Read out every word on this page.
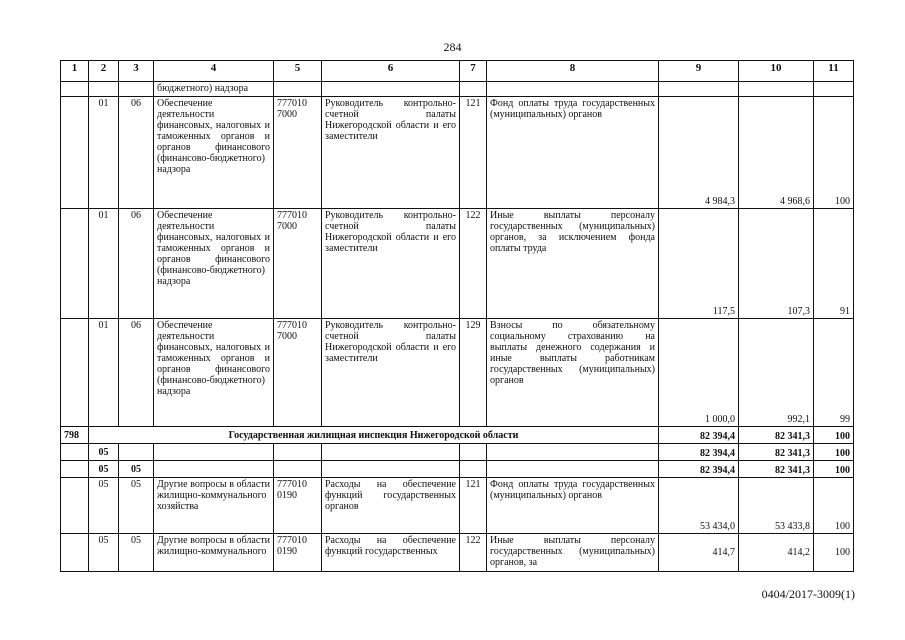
284
1	2	3	4	5	6	7	8	9	10	11
			бюджетного) надзора							
	01	06	Обеспечение деятельности финансовых, налоговых и таможенных органов и органов финансового (финансово-бюджетного) надзора	777010 7000	Руководитель контрольно-счетной палаты Нижегородской области и его заместители	121	Фонд оплаты труда государственных (муниципальных) органов	4 984,3	4 968,6	100
	01	06	Обеспечение деятельности финансовых, налоговых и таможенных органов и органов финансового (финансово-бюджетного) надзора	777010 7000	Руководитель контрольно-счетной палаты Нижегородской области и его заместители	122	Иные выплаты персоналу государственных (муниципальных) органов, за исключением фонда оплаты труда	117,5	107,3	91
	01	06	Обеспечение деятельности финансовых, налоговых и таможенных органов и органов финансового (финансово-бюджетного) надзора	777010 7000	Руководитель контрольно-счетной палаты Нижегородской области и его заместители	129	Взносы по обязательному социальному страхованию на выплаты денежного содержания и иные выплаты работникам государственных (муниципальных) органов	1 000,0	992,1	99
798	Государственная жилищная инспекция Нижегородской области							82 394,4	82 341,3	100
	05							82 394,4	82 341,3	100
	05	05						82 394,4	82 341,3	100
	05	05	Другие вопросы в области жилищно-коммунального хозяйства	777010 0190	Расходы на обеспечение функций государственных органов	121	Фонд оплаты труда государственных (муниципальных) органов	53 434,0	53 433,8	100
	05	05	Другие вопросы в области жилищно-коммунального	777010 0190	Расходы на обеспечение функций государственных	122	Иные выплаты персоналу государственных (муниципальных) органов, за	414,7	414,2	100
0404/2017-3009(1)
